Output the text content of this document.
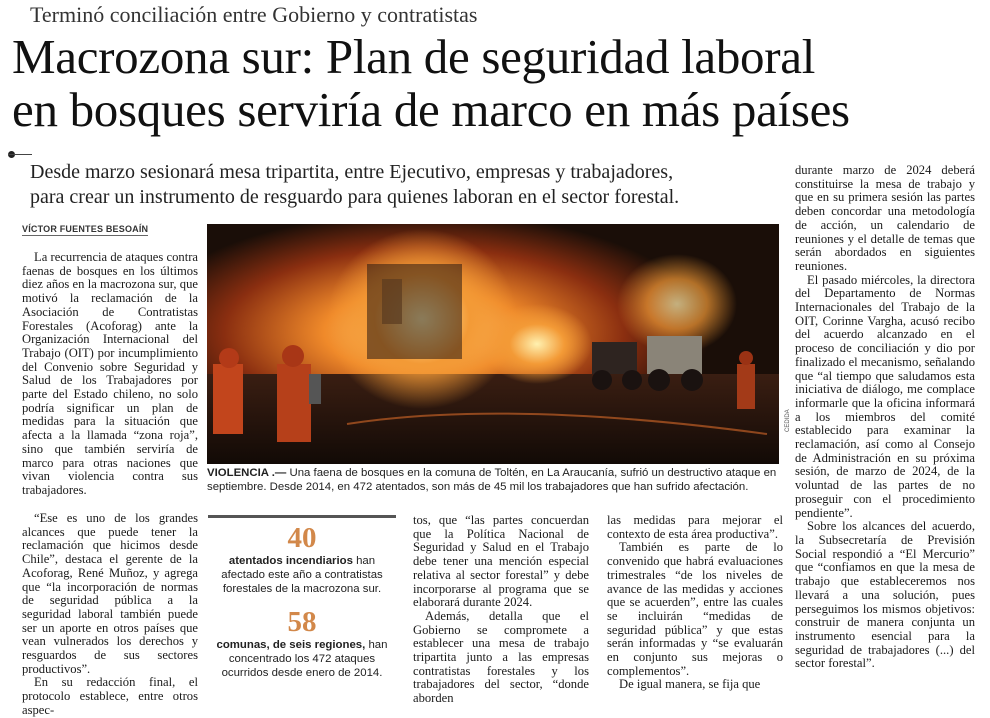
Terminó conciliación entre Gobierno y contratistas
Macrozona sur: Plan de seguridad laboral
en bosques serviría de marco en más países
Desde marzo sesionará mesa tripartita, entre Ejecutivo, empresas y trabajadores,
para crear un instrumento de resguardo para quienes laboran en el sector forestal.
VÍCTOR FUENTES BESOAÍN

La recurrencia de ataques contra faenas de bosques en los últimos diez años en la macrozona sur, que motivó la reclamación de la Asociación de Contratistas Forestales (Acoforag) ante la Organización Internacional del Trabajo (OIT) por incumplimiento del Convenio sobre Seguridad y Salud de los Trabajadores por parte del Estado chileno, no solo podría significar un plan de medidas para la situación que afecta a la llamada “zona roja”, sino que también serviría de marco para otras naciones que vivan violencia contra sus trabajadores.

CEDIDA
VIOLENCIA .— Una faena de bosques en la comuna de Toltén, en La Araucanía, sufrió un destructivo ataque en septiembre. Desde 2014, en 472 atentados, son más de 45 mil los trabajadores que han sufrido afectación.

“Ese es uno de los grandes alcances que puede tener la reclamación que hicimos desde Chile”, destaca el gerente de la Acoforag, René Muñoz, y agrega que “la incorporación de normas de seguridad pública a la seguridad laboral también puede ser un aporte en otros países que vean vulnerados los derechos y resguardos de sus sectores productivos”.

En su redacción final, el protocolo establece, entre otros aspec-

40
atentados incendiarios han afectado este año a contratistas forestales de la macrozona sur.
58
comunas, de seis regiones, han concentrado los 472 ataques ocurridos desde enero de 2014.

tos, que “las partes concuerdan que la Política Nacional de Seguridad y Salud en el Trabajo debe tener una mención especial relativa al sector forestal” y debe incorporarse al programa que se elaborará durante 2024.

Además, detalla que el Gobierno se compromete a establecer una mesa de trabajo tripartita junto a las empresas contratistas forestales y los trabajadores del sector, “donde aborden

las medidas para mejorar el contexto de esta área productiva”.

También es parte de lo convenido que habrá evaluaciones trimestrales “de los niveles de avance de las medidas y acciones que se acuerden”, entre las cuales se incluirán “medidas de seguridad pública” y que estas serán informadas y “se evaluarán en conjunto sus mejoras o complementos”.

De igual manera, se fija que

durante marzo de 2024 deberá constituirse la mesa de trabajo y que en su primera sesión las partes deben concordar una metodología de acción, un calendario de reuniones y el detalle de temas que serán abordados en siguientes reuniones.

El pasado miércoles, la directora del Departamento de Normas Internacionales del Trabajo de la OIT, Corinne Vargha, acusó recibo del acuerdo alcanzado en el proceso de conciliación y dio por finalizado el mecanismo, señalando que “al tiempo que saludamos esta iniciativa de diálogo, me complace informarle que la oficina informará a los miembros del comité establecido para examinar la reclamación, así como al Consejo de Administración en su próxima sesión, de marzo de 2024, de la voluntad de las partes de no proseguir con el procedimiento pendiente”.

Sobre los alcances del acuerdo, la Subsecretaría de Previsión Social respondió a “El Mercurio” que “confiamos en que la mesa de trabajo que estableceremos nos llevará a una solución, pues perseguimos los mismos objetivos: construir de manera conjunta un instrumento esencial para la seguridad de trabajadores (...) del sector forestal”.
